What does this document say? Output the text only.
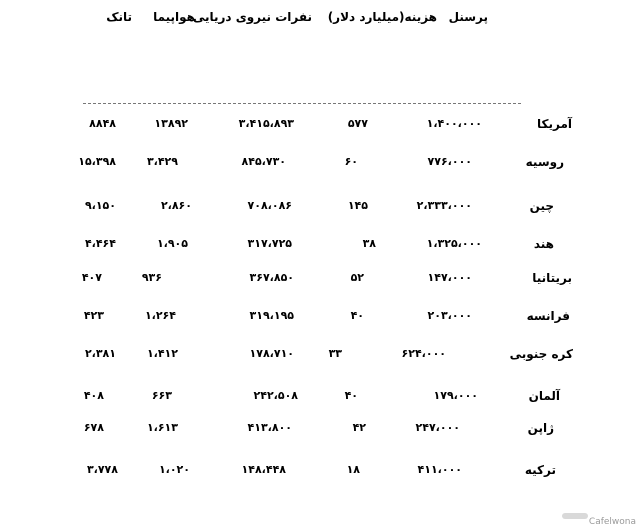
پرسنل
هزینه(میلیارد دلار)
نفرات نیروی دریایی
هواپیما
تانک
آمریکا
۱،۴۰۰،۰۰۰
۵۷۷
۳،۴۱۵،۸۹۳
۱۳۸۹۲
۸۸۴۸
روسیه
۷۷۶،۰۰۰
۶۰
۸۴۵،۷۳۰
۳،۴۲۹
۱۵،۳۹۸
چین
۲،۳۳۳،۰۰۰
۱۴۵
۷۰۸،۰۸۶
۲،۸۶۰
۹،۱۵۰
هند
۱،۳۲۵،۰۰۰
۳۸
۳۱۷،۷۲۵
۱،۹۰۵
۴،۴۶۴
بریتانیا
۱۴۷،۰۰۰
۵۲
۳۶۷،۸۵۰
۹۳۶
۴۰۷
فرانسه
۲۰۳،۰۰۰
۴۰
۳۱۹،۱۹۵
۱،۲۶۴
۴۲۳
کره جنوبی
۶۲۴،۰۰۰
۳۳
۱۷۸،۷۱۰
۱،۴۱۲
۲،۳۸۱
آلمان
۱۷۹،۰۰۰
۴۰
۲۴۲،۵۰۸
۶۶۳
۴۰۸
ژاپن
۲۴۷،۰۰۰
۴۲
۴۱۳،۸۰۰
۱،۶۱۳
۶۷۸
ترکیه
۴۱۱،۰۰۰
۱۸
۱۴۸،۴۴۸
۱،۰۲۰
۳،۷۷۸
Cafelwona
